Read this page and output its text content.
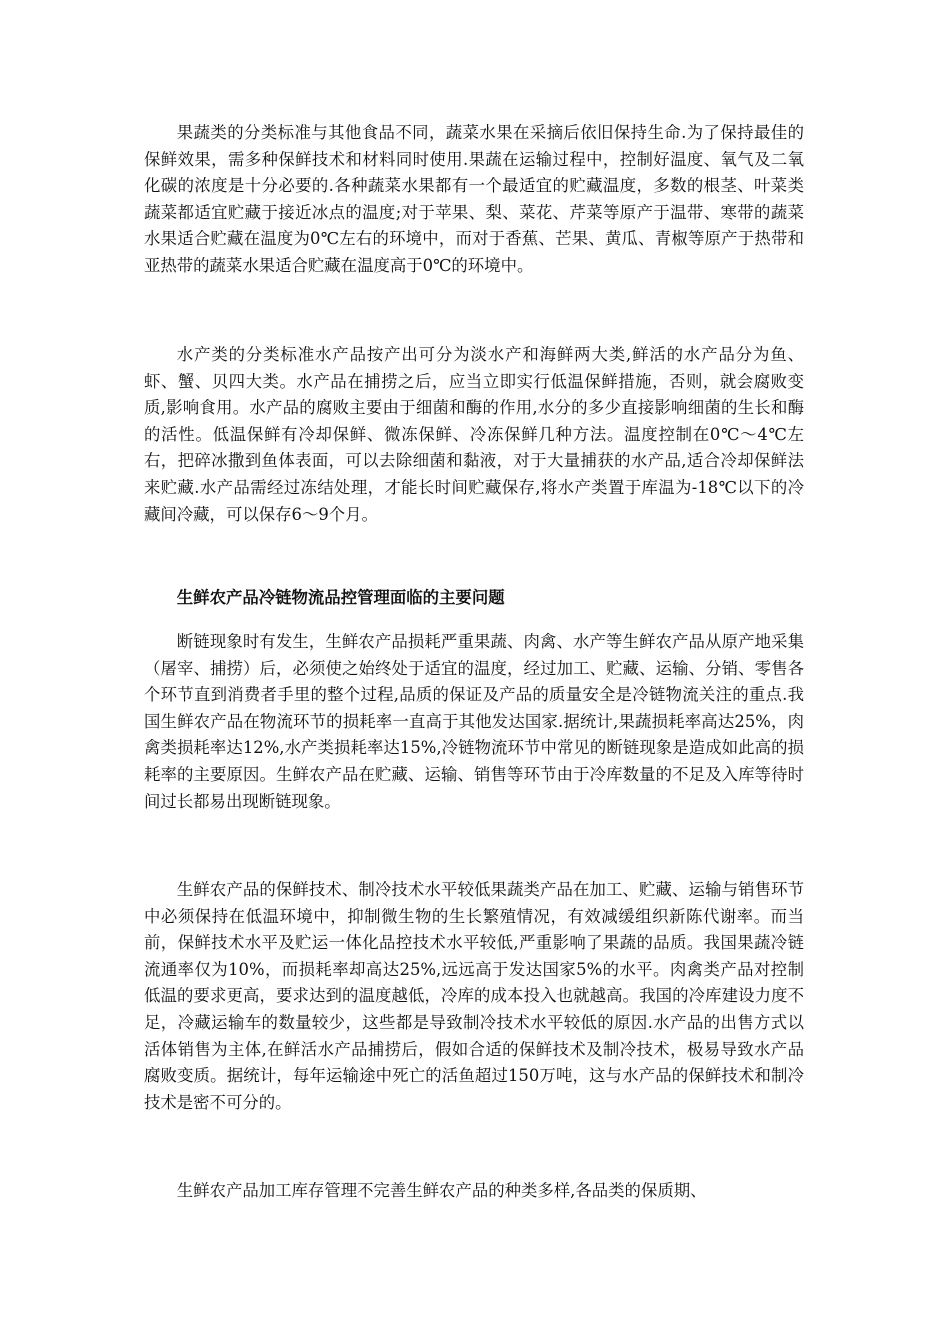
果蔬类的分类标准与其他食品不同，蔬菜水果在采摘后依旧保持生命.为了保持最佳的保鲜效果，需多种保鲜技术和材料同时使用.果蔬在运输过程中，控制好温度、氧气及二氧化碳的浓度是十分必要的.各种蔬菜水果都有一个最适宜的贮藏温度，多数的根茎、叶菜类蔬菜都适宜贮藏于接近冰点的温度;对于苹果、梨、菜花、芹菜等原产于温带、寒带的蔬菜水果适合贮藏在温度为0℃左右的环境中，而对于香蕉、芒果、黄瓜、青椒等原产于热带和亚热带的蔬菜水果适合贮藏在温度高于0℃的环境中。

水产类的分类标准水产品按产出可分为淡水产和海鲜两大类,鲜活的水产品分为鱼、虾、蟹、贝四大类。水产品在捕捞之后，应当立即实行低温保鲜措施，否则，就会腐败变质,影响食用。水产品的腐败主要由于细菌和酶的作用,水分的多少直接影响细菌的生长和酶的活性。低温保鲜有冷却保鲜、微冻保鲜、冷冻保鲜几种方法。温度控制在0℃～4℃左右，把碎冰撒到鱼体表面，可以去除细菌和黏液，对于大量捕获的水产品,适合冷却保鲜法来贮藏.水产品需经过冻结处理，才能长时间贮藏保存,将水产类置于库温为-18℃以下的冷藏间冷藏，可以保存6～9个月。

生鲜农产品冷链物流品控管理面临的主要问题

断链现象时有发生，生鲜农产品损耗严重果蔬、肉禽、水产等生鲜农产品从原产地采集（屠宰、捕捞）后，必须使之始终处于适宜的温度，经过加工、贮藏、运输、分销、零售各个环节直到消费者手里的整个过程,品质的保证及产品的质量安全是冷链物流关注的重点.我国生鲜农产品在物流环节的损耗率一直高于其他发达国家.据统计,果蔬损耗率高达25%，肉禽类损耗率达12%,水产类损耗率达15%,冷链物流环节中常见的断链现象是造成如此高的损耗率的主要原因。生鲜农产品在贮藏、运输、销售等环节由于冷库数量的不足及入库等待时间过长都易出现断链现象。

生鲜农产品的保鲜技术、制冷技术水平较低果蔬类产品在加工、贮藏、运输与销售环节中必须保持在低温环境中，抑制微生物的生长繁殖情况，有效减缓组织新陈代谢率。而当前，保鲜技术水平及贮运一体化品控技术水平较低,严重影响了果蔬的品质。我国果蔬冷链流通率仅为10%，而损耗率却高达25%,远远高于发达国家5%的水平。肉禽类产品对控制低温的要求更高，要求达到的温度越低，冷库的成本投入也就越高。我国的冷库建设力度不足，冷藏运输车的数量较少，这些都是导致制冷技术水平较低的原因.水产品的出售方式以活体销售为主体,在鲜活水产品捕捞后，假如合适的保鲜技术及制冷技术，极易导致水产品腐败变质。据统计，每年运输途中死亡的活鱼超过150万吨，这与水产品的保鲜技术和制冷技术是密不可分的。

生鲜农产品加工库存管理不完善生鲜农产品的种类多样,各品类的保质期、
